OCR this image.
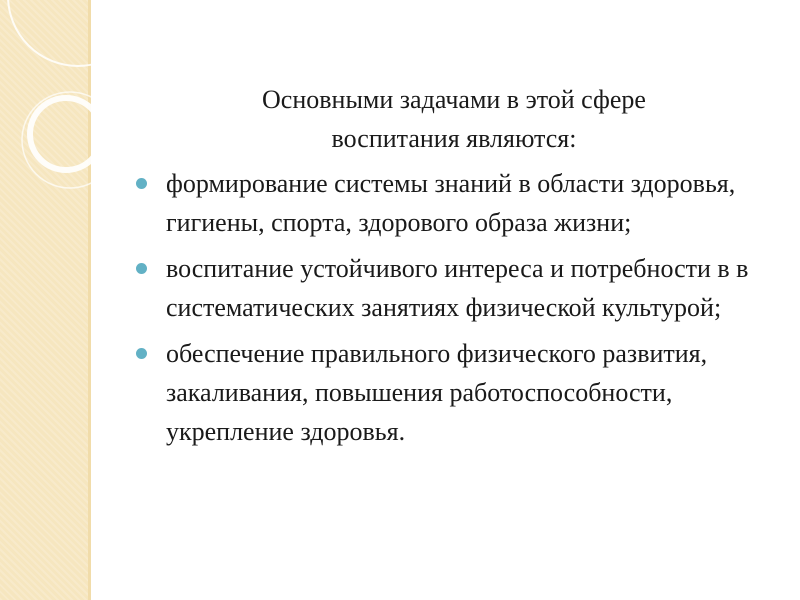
Основными задачами в этой сфере
воспитания являются:
формирование системы знаний в области здоровья, гигиены, спорта, здорового образа жизни;
воспитание устойчивого интереса и потребности в в систематических занятиях физической культурой;
обеспечение правильного физического развития, закаливания, повышения работоспособности, укрепление здоровья.
